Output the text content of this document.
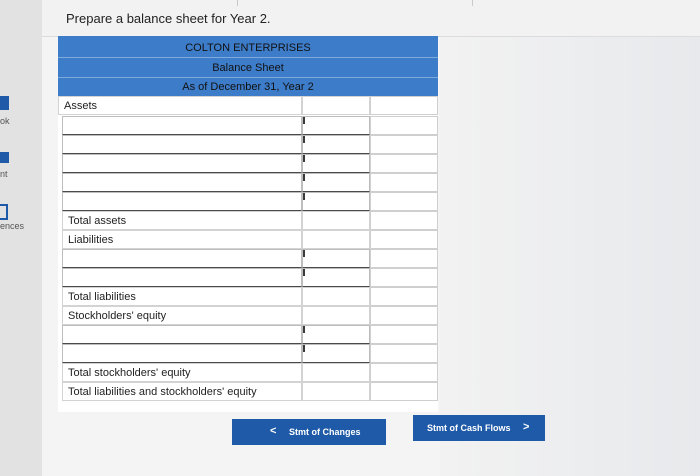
ok
nt
ences
Prepare a balance sheet for Year 2.
COLTON ENTERPRISES
Balance Sheet
As of December 31, Year 2
Assets
Total assets
Liabilities
Total liabilities
Stockholders' equity
Total stockholders' equity
Total liabilities and stockholders' equity
< Stmt of Changes	Stmt of Cash Flows >
